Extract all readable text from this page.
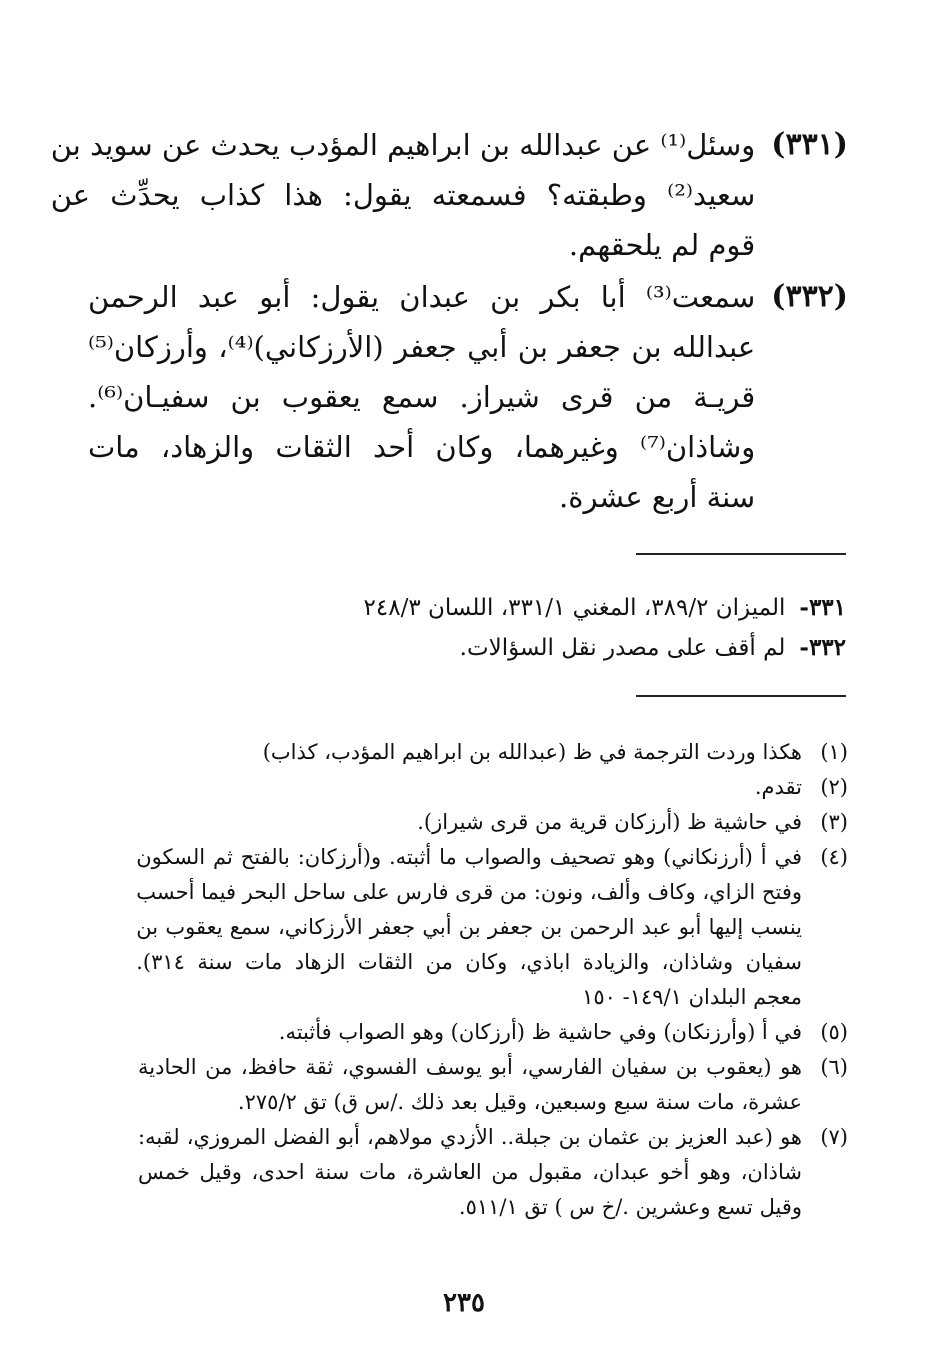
(٣٣١)
وسئل⁽¹⁾ عن عبدالله بن ابراهيم المؤدب يحدث عن سويد بن
سعيد⁽²⁾ وطبقته؟ فسمعته يقول: هذا كذاب يحدِّث عن
قوم لم يلحقهم.
(٣٣٢)
سمعت⁽³⁾ أبا بكر بن عبدان يقول: أبو عبد الرحمن
عبدالله بن جعفر بن أبي جعفر (الأرزكاني)⁽⁴⁾، وأرزكان⁽⁵⁾
قريـة من قرى شيراز. سمع يعقوب بن سفيـان⁽⁶⁾.
وشاذان⁽⁷⁾ وغيرهما، وكان أحد الثقات والزهاد، مات
سنة أربع عشرة.
٣٣١-الميزان ٣٨٩/٢، المغني ٣٣١/١، اللسان ٢٤٨/٣
٣٣٢-لم أقف على مصدر نقل السؤالات.
(١)
هكذا وردت الترجمة في ظ (عبدالله بن ابراهيم المؤدب، كذاب)
(٢)
تقدم.
(٣)
في حاشية ظ (أرزكان قرية من قرى شيراز).
(٤)
في أ (أرزنكاني) وهو تصحيف والصواب ما أثبته. و(أرزكان: بالفتح ثم السكون
وفتح الزاي، وكاف وألف، ونون: من قرى فارس على ساحل البحر فيما أحسب
ينسب إليها أبو عبد الرحمن بن جعفر بن أبي جعفر الأرزكاني، سمع يعقوب بن
سفيان وشاذان، والزيادة اباذي، وكان من الثقات الزهاد مات سنة ٣١٤).
معجم البلدان ١٤٩/١- ١٥٠
(٥)
في أ (وأرزنكان) وفي حاشية ظ (أرزكان) وهو الصواب فأثبته.
(٦)
هو (يعقوب بن سفيان الفارسي، أبو يوسف الفسوي، ثقة حافظ، من الحادية
عشرة، مات سنة سبع وسبعين، وقيل بعد ذلك ./س ق) تق ٢٧٥/٢.
(٧)
هو (عبد العزيز بن عثمان بن جبلة.. الأزدي مولاهم، أبو الفضل المروزي، لقبه:
شاذان، وهو أخو عبدان، مقبول من العاشرة، مات سنة احدى، وقيل خمس
وقيل تسع وعشرين ./خ س ) تق ٥١١/١.
٢٣٥
